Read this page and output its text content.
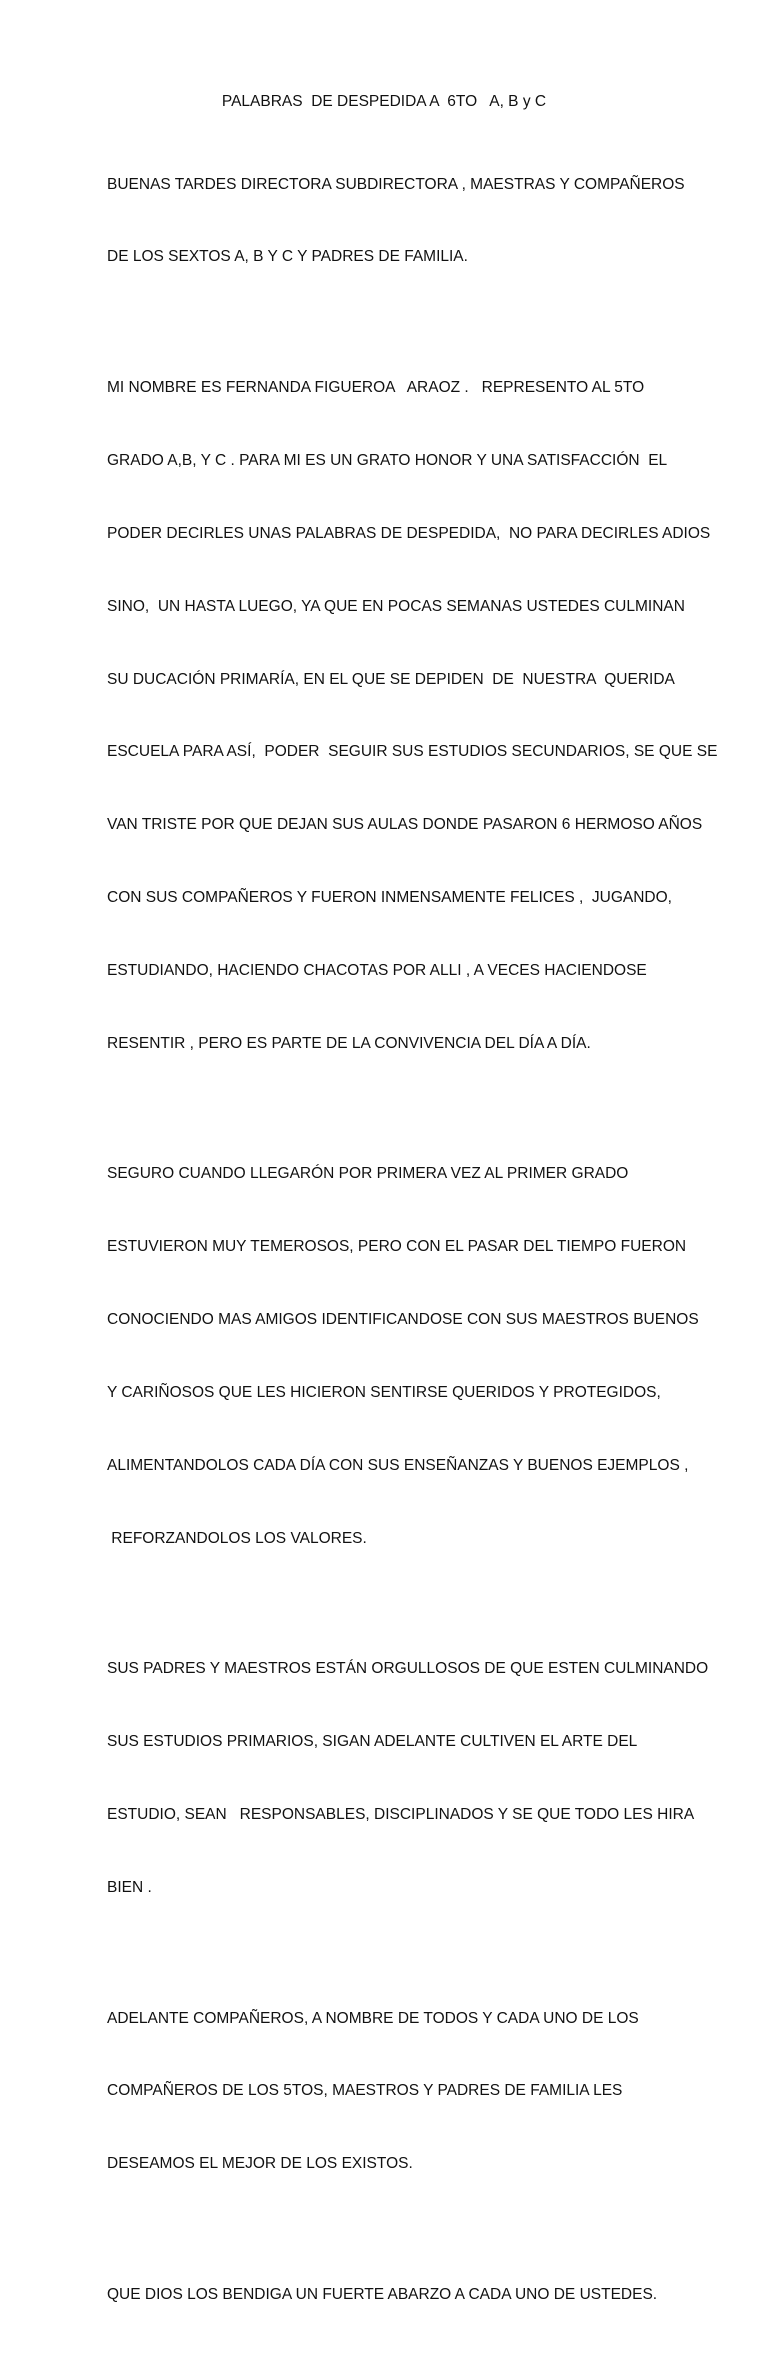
PALABRAS  DE DESPEDIDA A  6TO   A, B y C

BUENAS TARDES DIRECTORA SUBDIRECTORA , MAESTRAS Y COMPAÑEROS

DE LOS SEXTOS A, B Y C Y PADRES DE FAMILIA.

MI NOMBRE ES FERNANDA FIGUEROA   ARAOZ .   REPRESENTO AL 5TO

GRADO A,B, Y C . PARA MI ES UN GRATO HONOR Y UNA SATISFACCIÓN  EL

PODER DECIRLES UNAS PALABRAS DE DESPEDIDA,  NO PARA DECIRLES ADIOS

SINO,  UN HASTA LUEGO, YA QUE EN POCAS SEMANAS USTEDES CULMINAN

SU DUCACIÓN PRIMARÍA, EN EL QUE SE DEPIDEN  DE  NUESTRA  QUERIDA

ESCUELA PARA ASÍ,  PODER  SEGUIR SUS ESTUDIOS SECUNDARIOS, SE QUE SE

VAN TRISTE POR QUE DEJAN SUS AULAS DONDE PASARON 6 HERMOSO AÑOS

CON SUS COMPAÑEROS Y FUERON INMENSAMENTE FELICES ,  JUGANDO,

ESTUDIANDO, HACIENDO CHACOTAS POR ALLI , A VECES HACIENDOSE

RESENTIR , PERO ES PARTE DE LA CONVIVENCIA DEL DÍA A DÍA.

SEGURO CUANDO LLEGARÓN POR PRIMERA VEZ AL PRIMER GRADO

ESTUVIERON MUY TEMEROSOS, PERO CON EL PASAR DEL TIEMPO FUERON

CONOCIENDO MAS AMIGOS IDENTIFICANDOSE CON SUS MAESTROS BUENOS

Y CARIÑOSOS QUE LES HICIERON SENTIRSE QUERIDOS Y PROTEGIDOS,

ALIMENTANDOLOS CADA DÍA CON SUS ENSEÑANZAS Y BUENOS EJEMPLOS ,

REFORZANDOLOS LOS VALORES.

SUS PADRES Y MAESTROS ESTÁN ORGULLOSOS DE QUE ESTEN CULMINANDO

SUS ESTUDIOS PRIMARIOS, SIGAN ADELANTE CULTIVEN EL ARTE DEL

ESTUDIO, SEAN   RESPONSABLES, DISCIPLINADOS Y SE QUE TODO LES HIRA

BIEN .

ADELANTE COMPAÑEROS, A NOMBRE DE TODOS Y CADA UNO DE LOS

COMPAÑEROS DE LOS 5TOS, MAESTROS Y PADRES DE FAMILIA LES

DESEAMOS EL MEJOR DE LOS EXISTOS.

QUE DIOS LOS BENDIGA UN FUERTE ABARZO A CADA UNO DE USTEDES.
